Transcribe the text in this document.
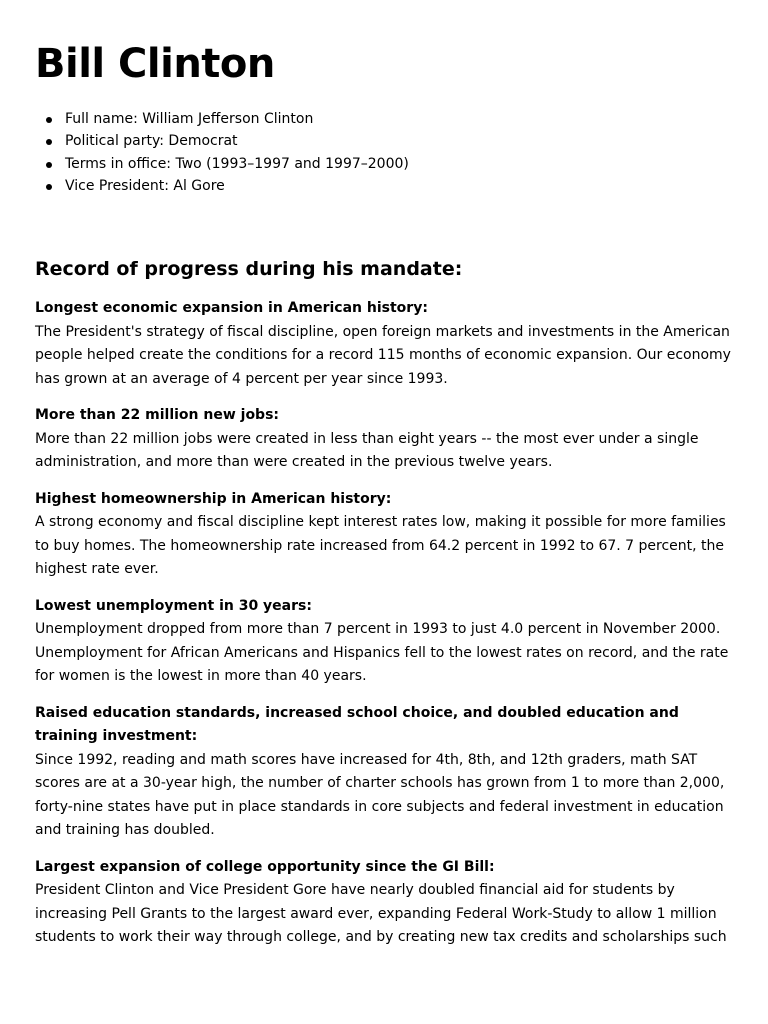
Bill Clinton
Full name: William Jefferson Clinton
Political party: Democrat
Terms in office: Two (1993–1997 and 1997–2000)
Vice President: Al Gore
Record of progress during his mandate:
Longest economic expansion in American history:
The President's strategy of fiscal discipline, open foreign markets and investments in the American people helped create the conditions for a record 115 months of economic expansion. Our economy has grown at an average of 4 percent per year since 1993.
More than 22 million new jobs:
More than 22 million jobs were created in less than eight years -- the most ever under a single administration, and more than were created in the previous twelve years.
Highest homeownership in American history:
A strong economy and fiscal discipline kept interest rates low, making it possible for more families to buy homes. The homeownership rate increased from 64.2 percent in 1992 to 67. 7 percent, the highest rate ever.
Lowest unemployment in 30 years:
Unemployment dropped from more than 7 percent in 1993 to just 4.0 percent in November 2000. Unemployment for African Americans and Hispanics fell to the lowest rates on record, and the rate for women is the lowest in more than 40 years.
Raised education standards, increased school choice, and doubled education and training investment:
Since 1992, reading and math scores have increased for 4th, 8th, and 12th graders, math SAT scores are at a 30-year high, the number of charter schools has grown from 1 to more than 2,000, forty-nine states have put in place standards in core subjects and federal investment in education and training has doubled.
Largest expansion of college opportunity since the GI Bill:
President Clinton and Vice President Gore have nearly doubled financial aid for students by increasing Pell Grants to the largest award ever, expanding Federal Work-Study to allow 1 million students to work their way through college, and by creating new tax credits and scholarships such
